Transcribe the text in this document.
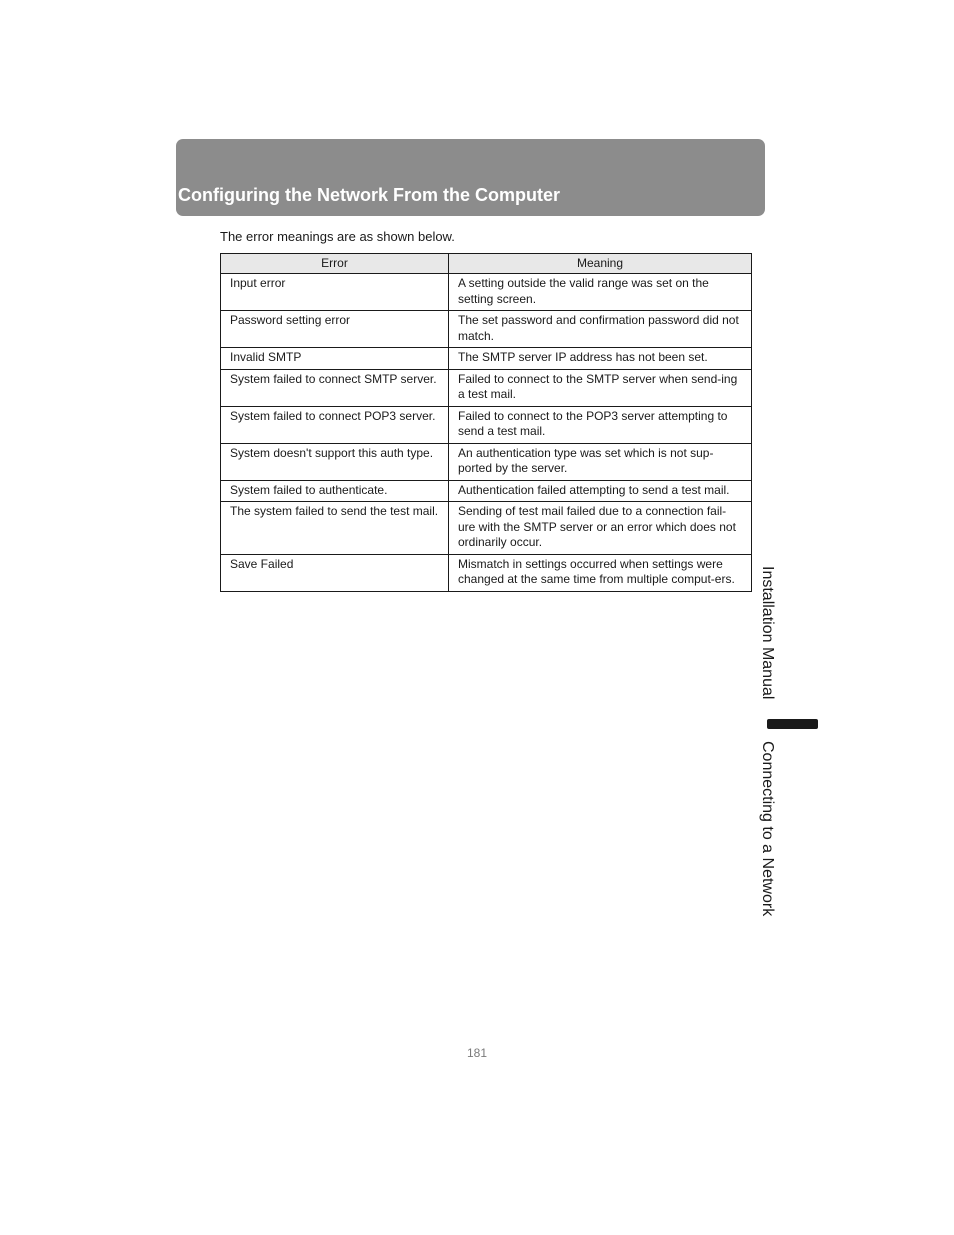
Configuring the Network From the Computer
The error meanings are as shown below.
Error	Meaning
Input error	A setting outside the valid range was set on the setting screen.
Password setting error	The set password and confirmation password did not match.
Invalid SMTP	The SMTP server IP address has not been set.
System failed to connect SMTP server.	Failed to connect to the SMTP server when send-ing a test mail.
System failed to connect POP3 server.	Failed to connect to the POP3 server attempting to send a test mail.
System doesn't support this auth type.	An authentication type was set which is not sup-ported by the server.
System failed to authenticate.	Authentication failed attempting to send a test mail.
The system failed to send the test mail.	Sending of test mail failed due to a connection fail-ure with the SMTP server or an error which does not ordinarily occur.
Save Failed	Mismatch in settings occurred when settings were changed at the same time from multiple comput-ers. Installation Manual
Connecting to a Network
181
